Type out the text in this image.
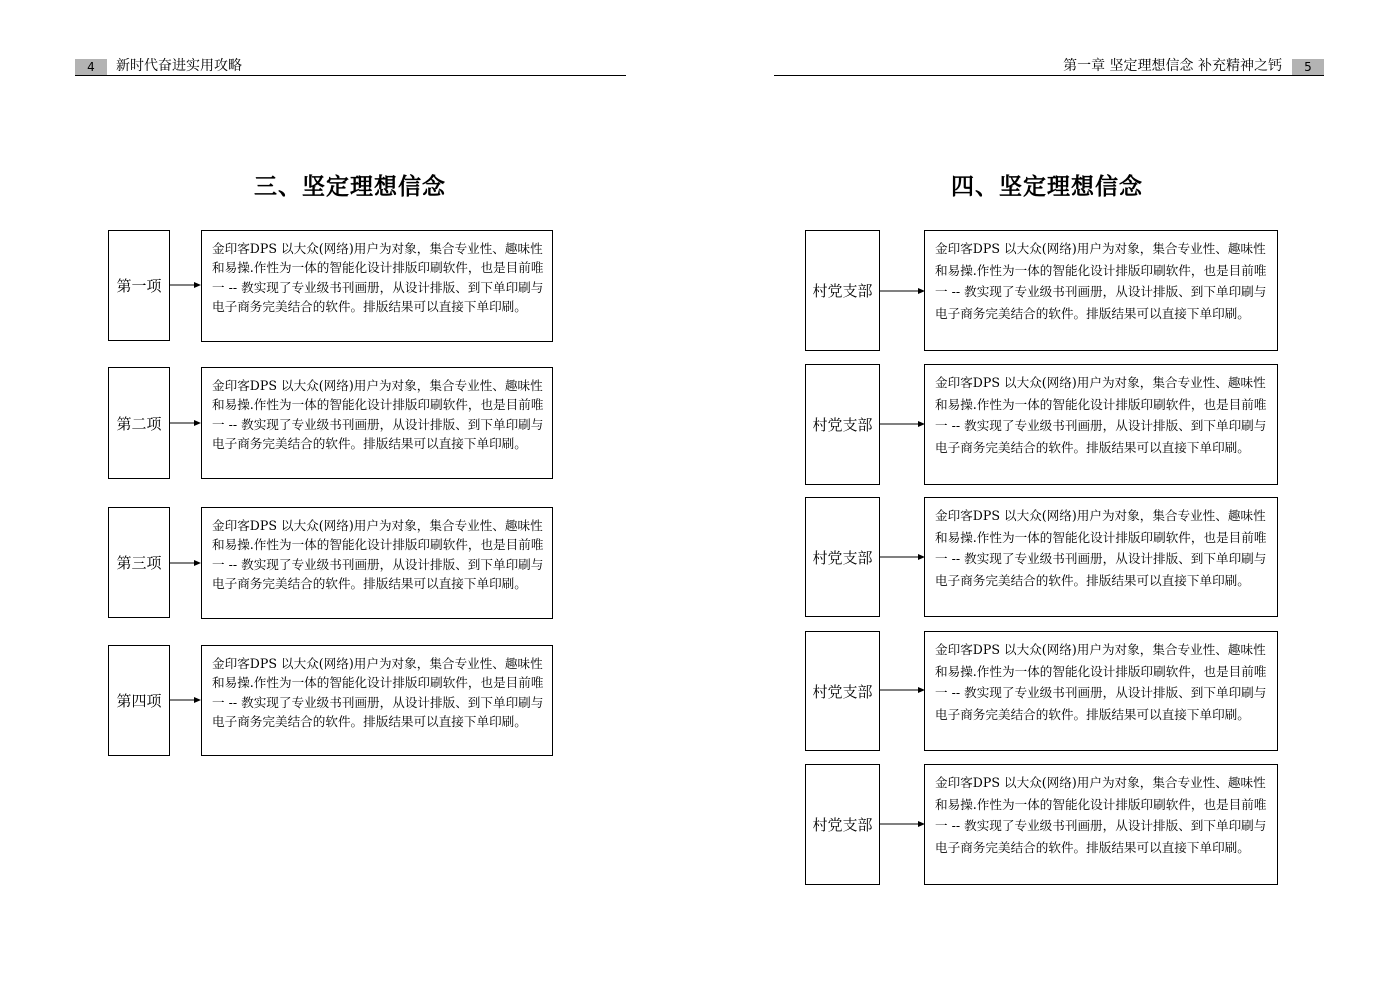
4	新时代奋进实用攻略
三、坚定理想信念
第一项
金印客DPS 以大众(网络)用户为对象，集合专业性、趣味性和易操.作性为一体的智能化设计排版印刷软件，也是目前唯一 -- 教实现了专业级书刊画册，从设计排版、到下单印刷与电子商务完美结合的软件。排版结果可以直接下单印刷。
第二项
金印客DPS 以大众(网络)用户为对象，集合专业性、趣味性和易操.作性为一体的智能化设计排版印刷软件，也是目前唯一 -- 教实现了专业级书刊画册，从设计排版、到下单印刷与电子商务完美结合的软件。排版结果可以直接下单印刷。
第三项
金印客DPS 以大众(网络)用户为对象，集合专业性、趣味性和易操.作性为一体的智能化设计排版印刷软件，也是目前唯一 -- 教实现了专业级书刊画册，从设计排版、到下单印刷与电子商务完美结合的软件。排版结果可以直接下单印刷。
第四项
金印客DPS 以大众(网络)用户为对象，集合专业性、趣味性和易操.作性为一体的智能化设计排版印刷软件，也是目前唯一 -- 教实现了专业级书刊画册，从设计排版、到下单印刷与电子商务完美结合的软件。排版结果可以直接下单印刷。
第一章 坚定理想信念 补充精神之钙	5
四、坚定理想信念
村党支部
金印客DPS 以大众(网络)用户为对象，集合专业性、趣味性和易操.作性为一体的智能化设计排版印刷软件，也是目前唯一 -- 教实现了专业级书刊画册，从设计排版、到下单印刷与电子商务完美结合的软件。排版结果可以直接下单印刷。
村党支部
金印客DPS 以大众(网络)用户为对象，集合专业性、趣味性和易操.作性为一体的智能化设计排版印刷软件，也是目前唯一 -- 教实现了专业级书刊画册，从设计排版、到下单印刷与电子商务完美结合的软件。排版结果可以直接下单印刷。
村党支部
金印客DPS 以大众(网络)用户为对象，集合专业性、趣味性和易操.作性为一体的智能化设计排版印刷软件，也是目前唯一 -- 教实现了专业级书刊画册，从设计排版、到下单印刷与电子商务完美结合的软件。排版结果可以直接下单印刷。
村党支部
金印客DPS 以大众(网络)用户为对象，集合专业性、趣味性和易操.作性为一体的智能化设计排版印刷软件，也是目前唯一 -- 教实现了专业级书刊画册，从设计排版、到下单印刷与电子商务完美结合的软件。排版结果可以直接下单印刷。
村党支部
金印客DPS 以大众(网络)用户为对象，集合专业性、趣味性和易操.作性为一体的智能化设计排版印刷软件，也是目前唯一 -- 教实现了专业级书刊画册，从设计排版、到下单印刷与电子商务完美结合的软件。排版结果可以直接下单印刷。
